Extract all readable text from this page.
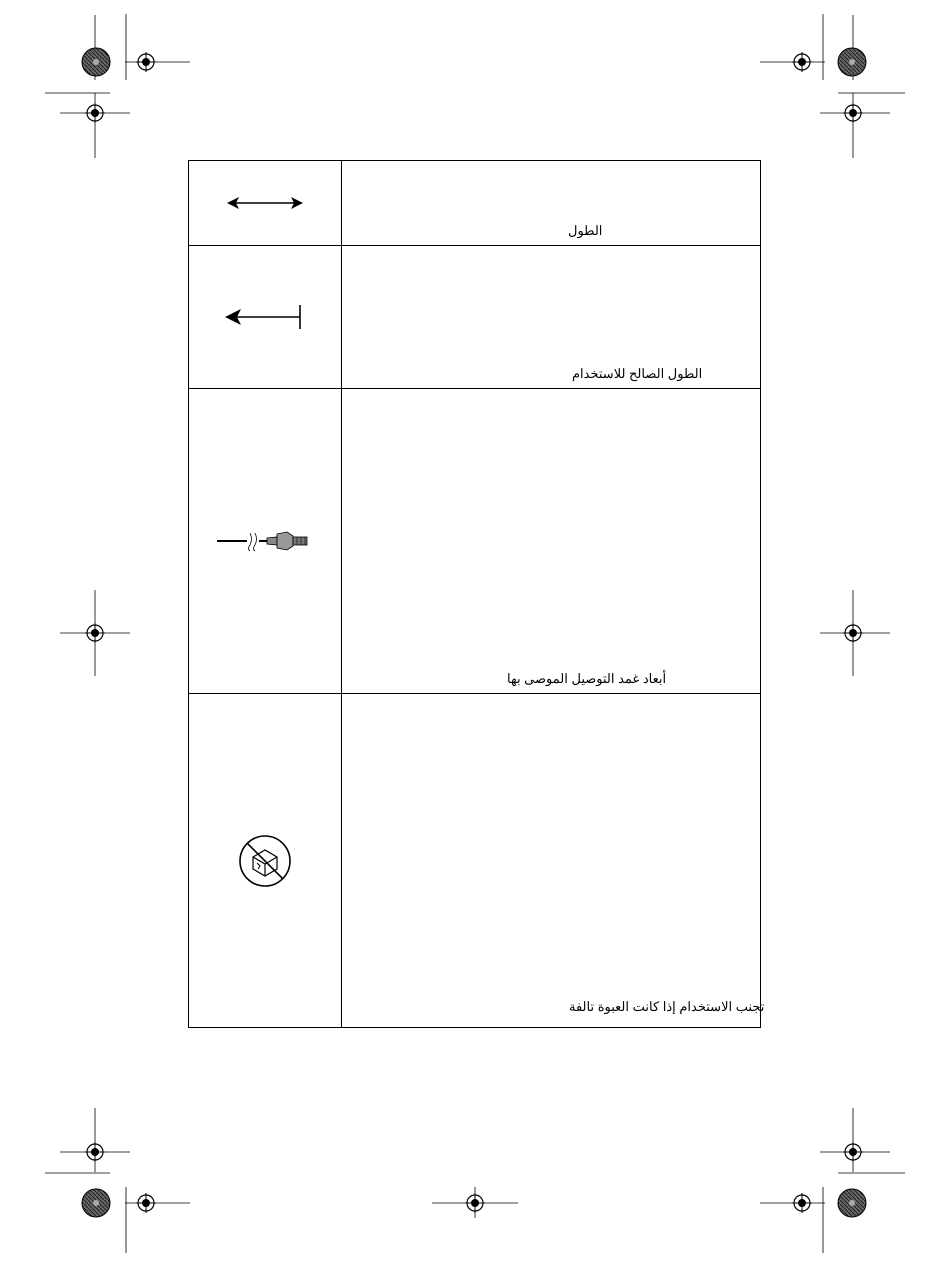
الطول

الطول الصالح للاستخدام

أبعاد غمد التوصيل الموصى بها

تجنب الاستخدام إذا كانت العبوة تالفة
